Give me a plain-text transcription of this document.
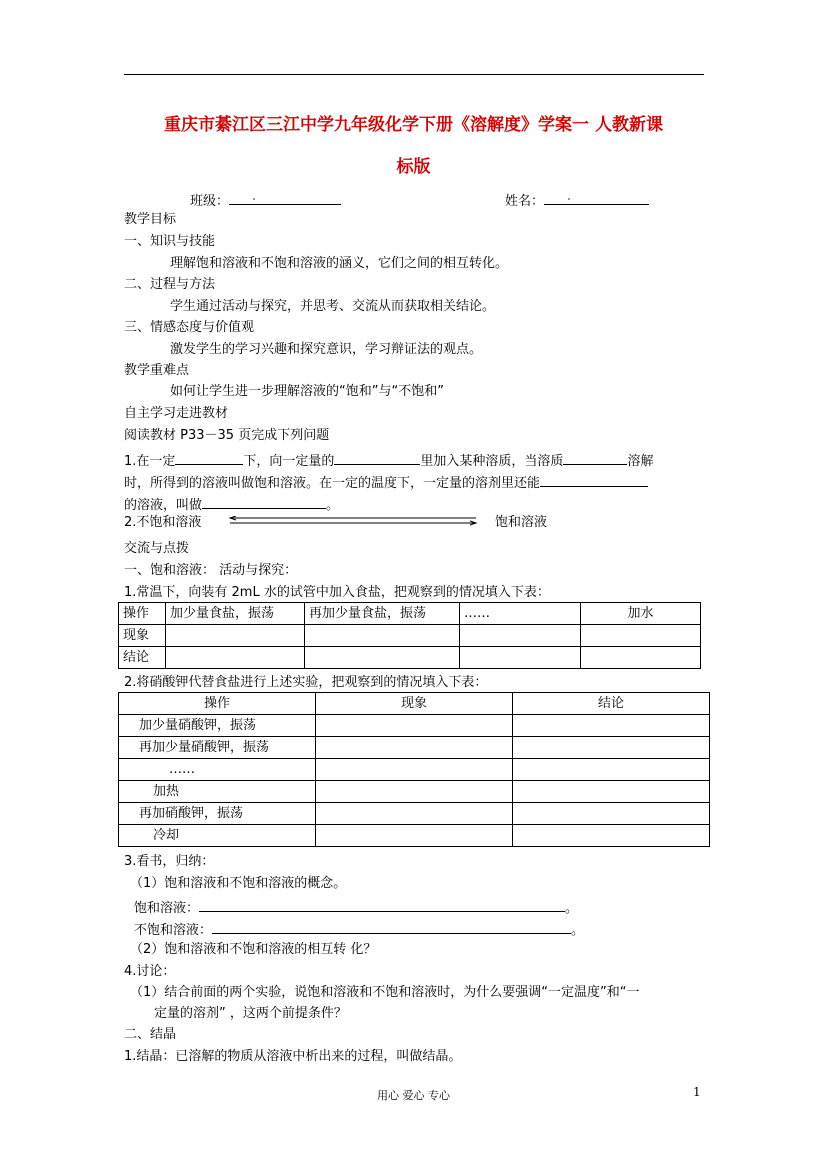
重庆市綦江区三江中学九年级化学下册《溶解度》学案一 人教新课
标版
班级：	姓名：
教学目标
一、知识与技能
理解饱和溶液和不饱和溶液的涵义，它们之间的相互转化。
二、过程与方法
学生通过活动与探究，并思考、交流从而获取相关结论。
三、情感态度与价值观
激发学生的学习兴趣和探究意识，学习辩证法的观点。
教学重难点
如何让学生进一步理解溶液的“饱和”与“不饱和”
自主学习走进教材
阅读教材 P33－35 页完成下列问题
1.在一定	下，向一定量的	里加入某种溶质，当溶质	溶解
时，所得到的溶液叫做饱和溶液。在一定的温度下，一定量的溶剂里还能
的溶液，叫做	。
2.不饱和溶液	饱和溶液
交流与点拨
一、饱和溶液： 活动与探究：
1.常温下，向装有 2mL 水的试管中加入食盐，把观察到的情况填入下表：
操作	加少量食盐，振荡	再加少量食盐，振荡	……	加水
现象				
结论				
2.将硝酸钾代替食盐进行上述实验，把观察到的情况填入下表：
操作	现象	结论
加少量硝酸钾，振荡		
再加少量硝酸钾，振荡		
……		
加热		
再加硝酸钾，振荡		
冷却		
3.看书，归纳：
（1）饱和溶液和不饱和溶液的概念。
饱和溶液：	。
不饱和溶液：	。
（2）饱和溶液和不饱和溶液的相互转 化？
4.讨论：
（1）结合前面的两个实验，说饱和溶液和不饱和溶液时，为什么要强调“一定温度”和“一
定量的溶剂” ，这两个前提条件？
二、结晶
1.结晶：已溶解的物质从溶液中析出来的过程，叫做结晶。
用心 爱心 专心	1
